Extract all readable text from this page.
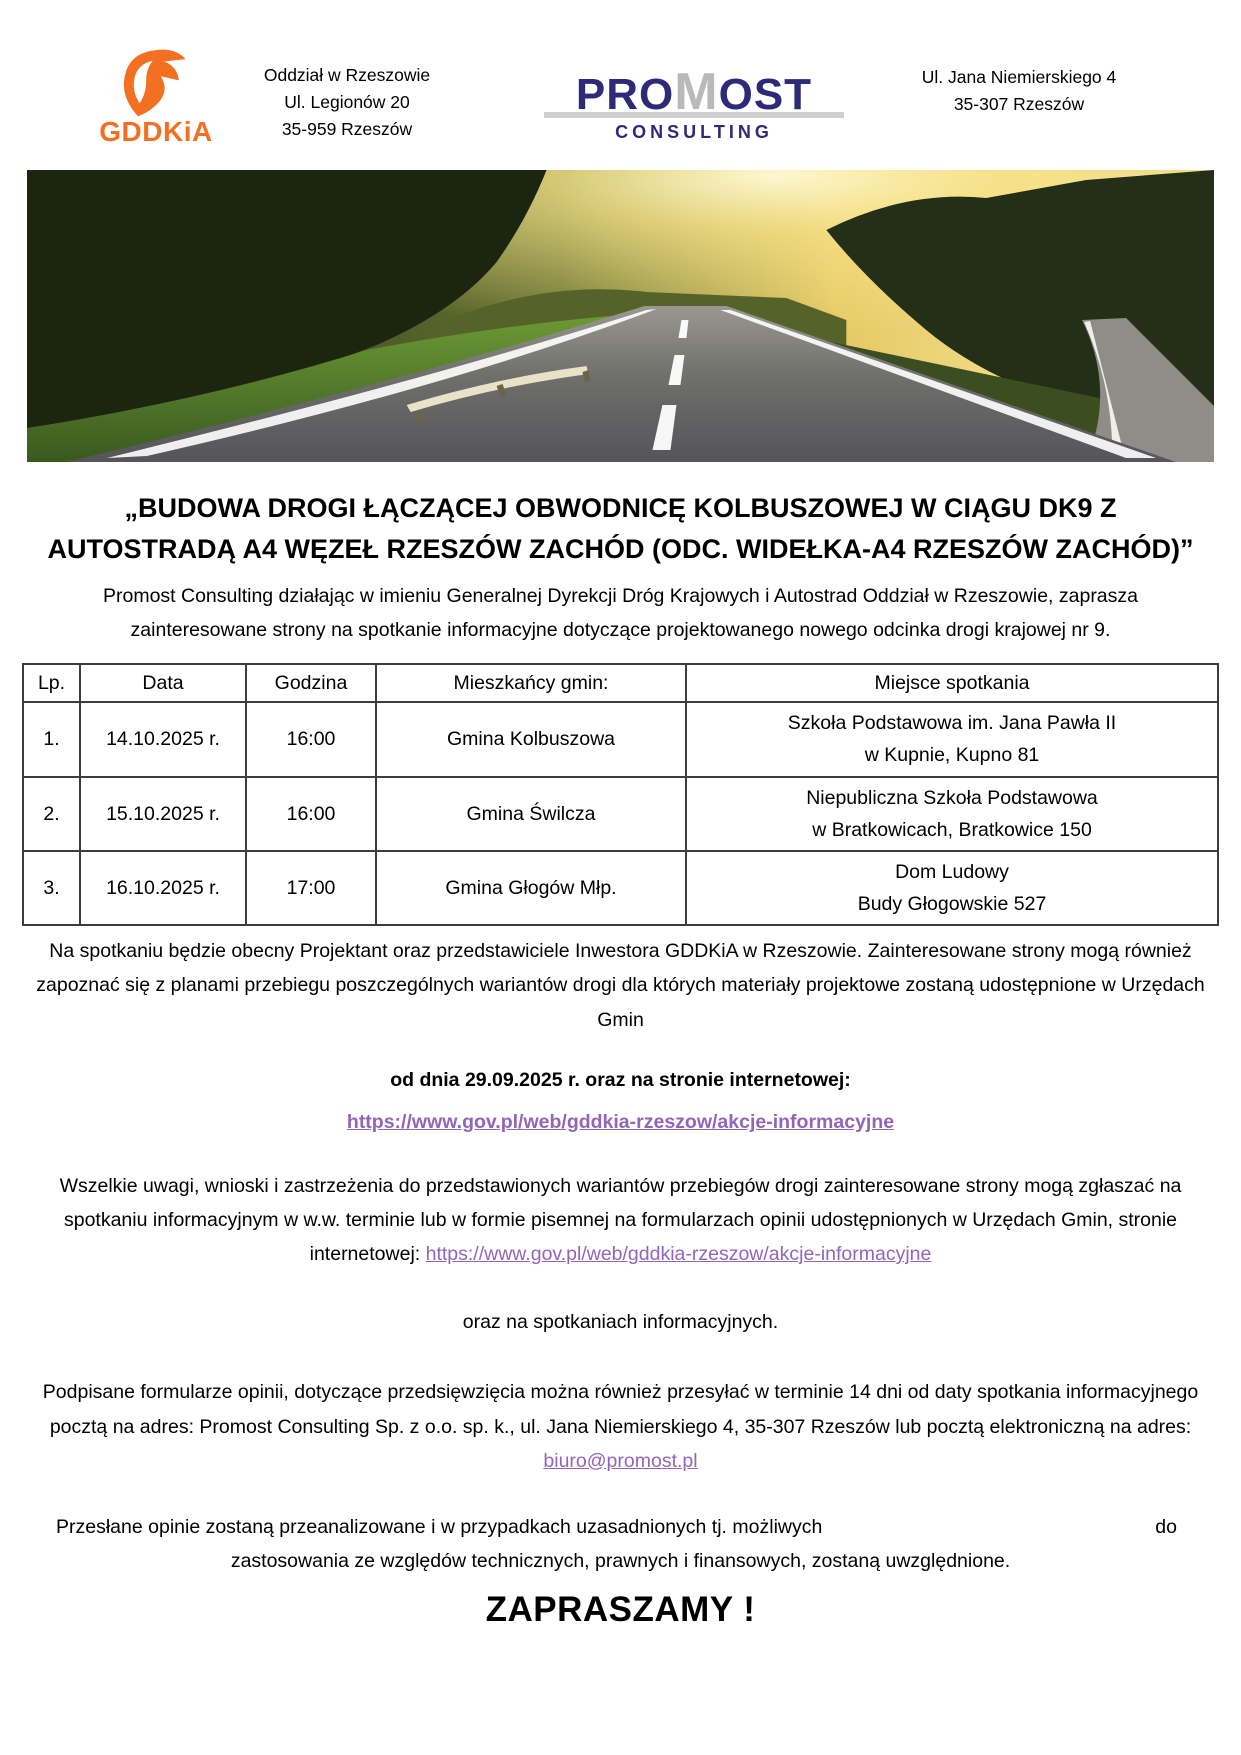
GDDKiA
Oddział w Rzeszowie
Ul. Legionów 20
35-959 Rzeszów
PROMOST
CONSULTING
Ul. Jana Niemierskiego 4
35-307 Rzeszów
„BUDOWA DROGI ŁĄCZĄCEJ OBWODNICĘ KOLBUSZOWEJ W CIĄGU DK9 Z AUTOSTRADĄ A4 WĘZEŁ RZESZÓW ZACHÓD (ODC. WIDEŁKA-A4 RZESZÓW ZACHÓD)”
Promost Consulting działając w imieniu Generalnej Dyrekcji Dróg Krajowych i Autostrad Oddział w Rzeszowie, zaprasza zainteresowane strony na spotkanie informacyjne dotyczące projektowanego nowego odcinka drogi krajowej nr 9.
Lp.	Data	Godzina	Mieszkańcy gmin:	Miejsce spotkania
1.	14.10.2025 r.	16:00	Gmina Kolbuszowa	Szkoła Podstawowa im. Jana Pawła II
w Kupnie, Kupno 81

2.	15.10.2025 r.	16:00	Gmina Świlcza	Niepubliczna Szkoła Podstawowa
w Bratkowicach, Bratkowice 150

3.	16.10.2025 r.	17:00	Gmina Głogów Młp.	Dom Ludowy
Budy Głogowskie 527
Na spotkaniu będzie obecny Projektant oraz przedstawiciele Inwestora GDDKiA w Rzeszowie. Zainteresowane strony mogą również zapoznać się z planami przebiegu poszczególnych wariantów drogi dla których materiały projektowe zostaną udostępnione w Urzędach Gmin
od dnia 29.09.2025 r. oraz na stronie internetowej:
https://www.gov.pl/web/gddkia-rzeszow/akcje-informacyjne
Wszelkie uwagi, wnioski i zastrzeżenia do przedstawionych wariantów przebiegów drogi zainteresowane strony mogą zgłaszać na spotkaniu informacyjnym w w.w. terminie lub w formie pisemnej na formularzach opinii udostępnionych w Urzędach Gmin, stronie internetowej: https://www.gov.pl/web/gddkia-rzeszow/akcje-informacyjne
oraz na spotkaniach informacyjnych.
Podpisane formularze opinii, dotyczące przedsięwzięcia można również przesyłać w terminie 14 dni od daty spotkania informacyjnego pocztą na adres: Promost Consulting Sp. z o.o. sp. k., ul. Jana Niemierskiego 4, 35-307 Rzeszów lub pocztą elektroniczną na adres: biuro@promost.pl
Przesłane opinie zostaną przeanalizowane i w przypadkach uzasadnionych tj. możliwych	do
zastosowania ze względów technicznych, prawnych i finansowych, zostaną uwzględnione.
ZAPRASZAMY !
